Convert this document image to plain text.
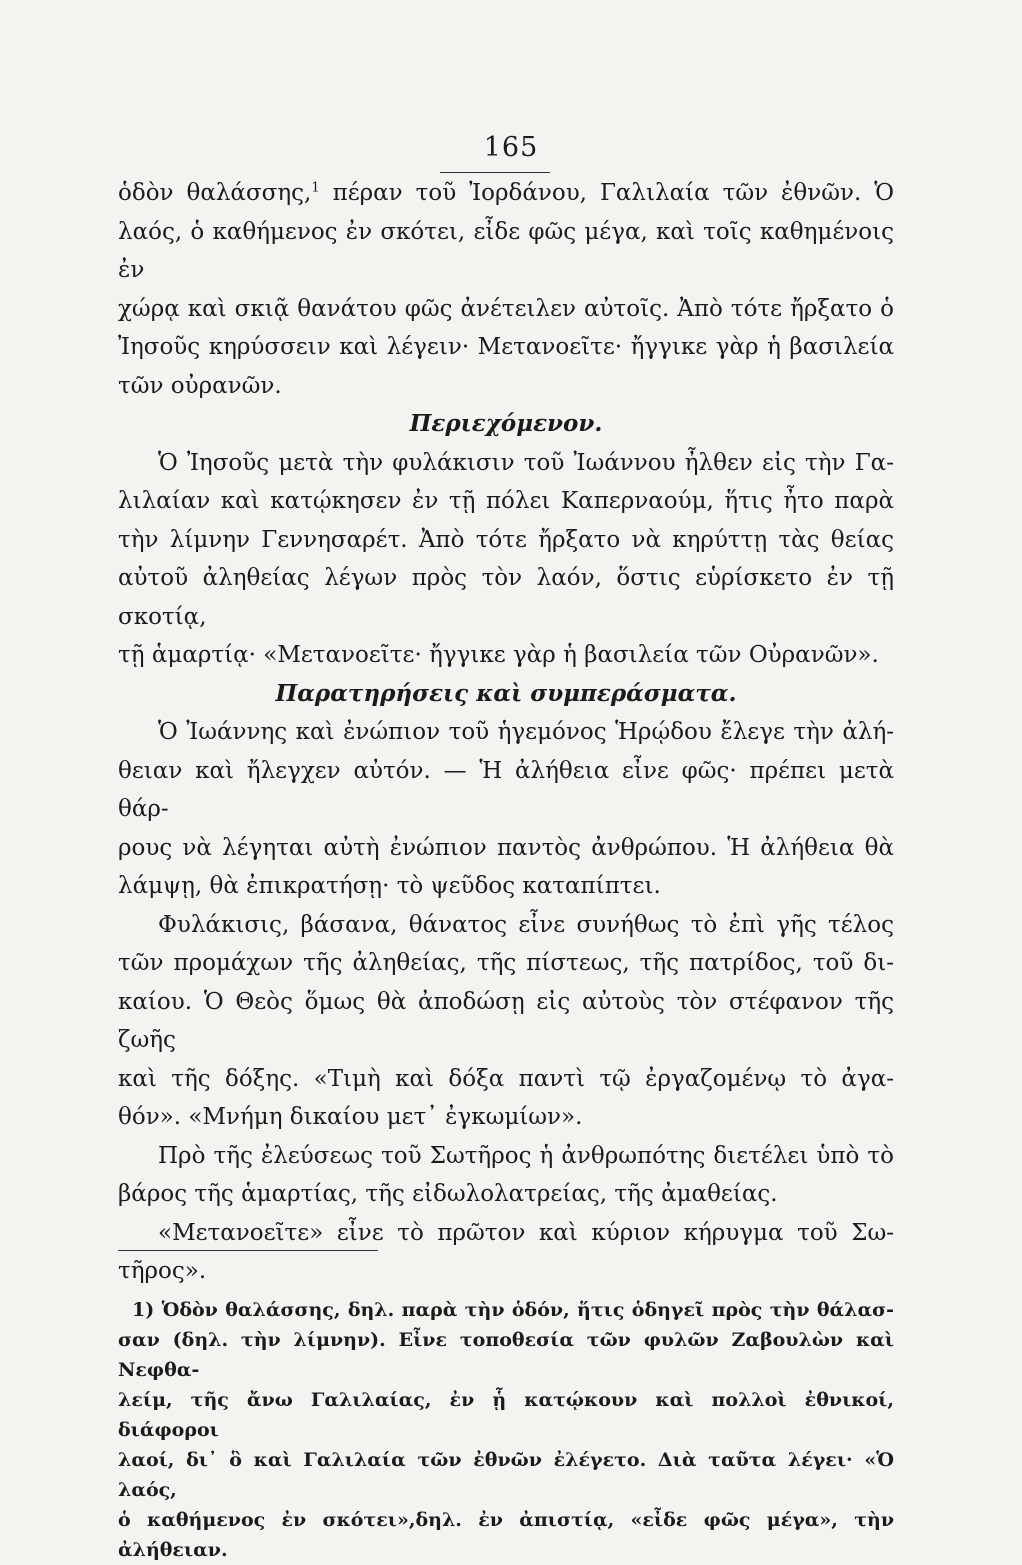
165
ὁδὸν θαλάσσης,$^1$ πέραν τοῦ Ἰορδάνου, Γαλιλαία τῶν ἐθνῶν. Ὁ
λαός, ὁ καθήμενος ἐν σκότει, εἶδε φῶς μέγα, καὶ τοῖς καθημένοις ἐν
χώρᾳ καὶ σκιᾷ θανάτου φῶς ἀνέτειλεν αὐτοῖς. Ἀπὸ τότε ἤρξατο ὁ
Ἰησοῦς κηρύσσειν καὶ λέγειν· Μετανοεῖτε· ἤγγικε γὰρ ἡ βασιλεία
τῶν οὐρανῶν.
Περιεχόμενον.
Ὁ Ἰησοῦς μετὰ τὴν φυλάκισιν τοῦ Ἰωάννου ἦλθεν εἰς τὴν Γα-
λιλαίαν καὶ κατῴκησεν ἐν τῇ πόλει Καπερναούμ, ἥτις ἦτο παρὰ
τὴν λίμνην Γεννησαρέτ. Ἀπὸ τότε ἤρξατο νὰ κηρύττῃ τὰς θείας
αὐτοῦ ἀληθείας λέγων πρὸς τὸν λαόν, ὅστις εὑρίσκετο ἐν τῇ σκοτίᾳ,
τῇ ἁμαρτίᾳ· «Μετανοεῖτε· ἤγγικε γὰρ ἡ βασιλεία τῶν Οὐρανῶν».
Παρατηρήσεις καὶ συμπεράσματα.
Ὁ Ἰωάννης καὶ ἐνώπιον τοῦ ἡγεμόνος Ἡρῴδου ἔλεγε τὴν ἀλή-
θειαν καὶ ἤλεγχεν αὐτόν. — Ἡ ἀλήθεια εἶνε φῶς· πρέπει μετὰ θάρ-
ρους νὰ λέγηται αὐτὴ ἐνώπιον παντὸς ἀνθρώπου. Ἡ ἀλήθεια θὰ
λάμψῃ, θὰ ἐπικρατήσῃ· τὸ ψεῦδος καταπίπτει.
Φυλάκισις, βάσανα, θάνατος εἶνε συνήθως τὸ ἐπὶ γῆς τέλος
τῶν προμάχων τῆς ἀληθείας, τῆς πίστεως, τῆς πατρίδος, τοῦ δι-
καίου. Ὁ Θεὸς ὅμως θὰ ἀποδώσῃ εἰς αὐτοὺς τὸν στέφανον τῆς ζωῆς
καὶ τῆς δόξης. «Τιμὴ καὶ δόξα παντὶ τῷ ἐργαζομένῳ τὸ ἀγα-
θόν». «Μνήμη δικαίου μετ᾽ ἐγκωμίων».
Πρὸ τῆς ἐλεύσεως τοῦ Σωτῆρος ἡ ἀνθρωπότης διετέλει ὑπὸ τὸ
βάρος τῆς ἁμαρτίας, τῆς εἰδωλολατρείας, τῆς ἀμαθείας.
«Μετανοεῖτε» εἶνε τὸ πρῶτον καὶ κύριον κήρυγμα τοῦ Σω-
τῆρος».
1) Ὁδὸν θαλάσσης, δηλ. παρὰ τὴν ὁδόν, ἥτις ὁδηγεῖ πρὸς τὴν θάλασ-
σαν (δηλ. τὴν λίμνην). Εἶνε τοποθεσία τῶν φυλῶν Ζαβουλὼν καὶ Νεφθα-
λείμ, τῆς ἄνω Γαλιλαίας, ἐν ᾗ κατῴκουν καὶ πολλοὶ ἐθνικοί, διάφοροι
λαοί, δι᾽ ὃ καὶ Γαλιλαία τῶν ἐθνῶν ἐλέγετο. Διὰ ταῦτα λέγει· «Ὁ λαός,
ὁ καθήμενος ἐν σκότει»,δηλ. ἐν ἀπιστίᾳ, «εἶδε φῶς μέγα», τὴν ἀλήθειαν.
